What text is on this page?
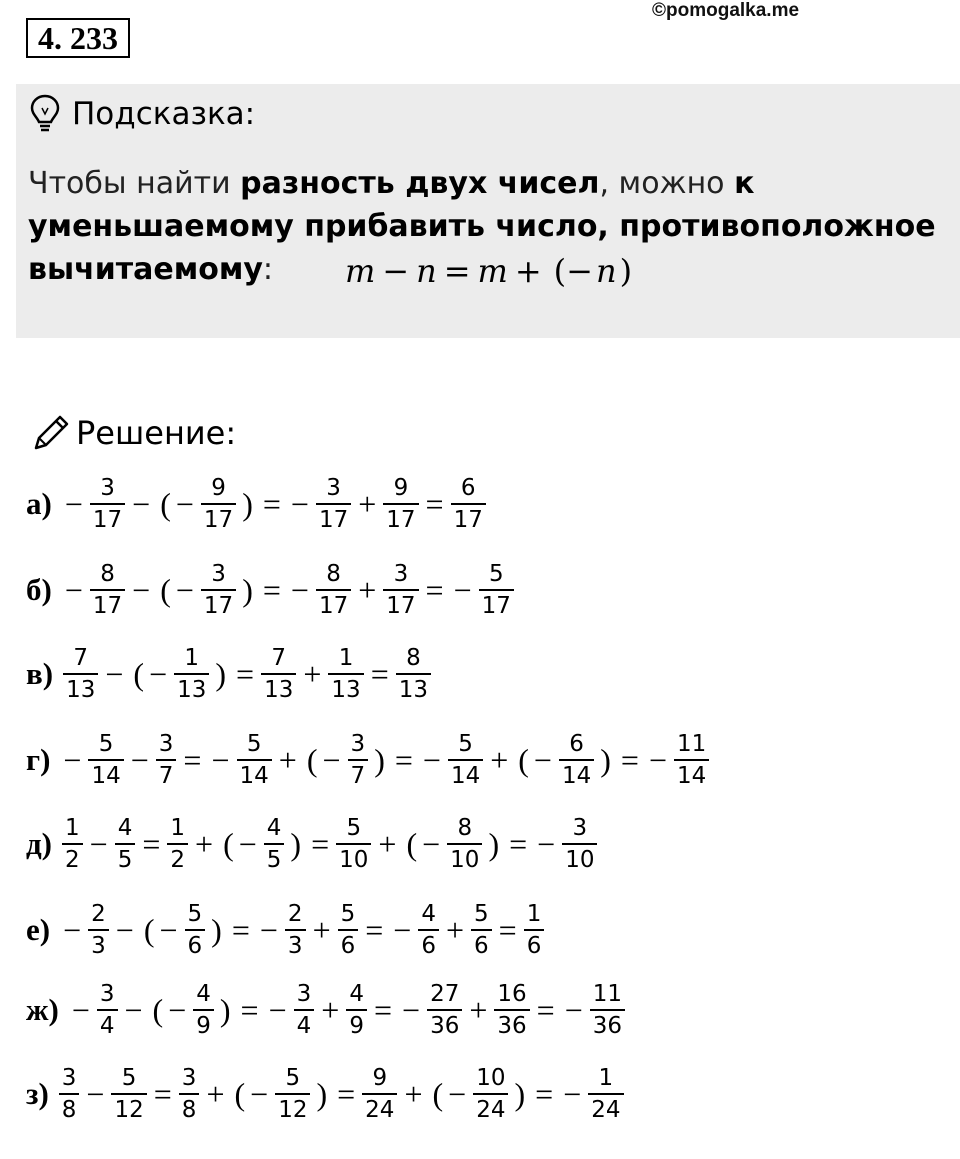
4. 233
©pomogalka.me
Подсказка:
Чтобы найти разность двух чисел, можно к уменьшаемому прибавить число, противоположное вычитаемому:	m − n = m + (−n)
Решение:
$а) - \frac{3}{17}$ − ( − $\frac{9}{17}$ ) = − $\frac{3}{17} + \frac{9}{17} = \frac{6}{17}$
$б) - \frac{8}{17}$ − ( − $\frac{3}{17}$ ) = − $\frac{8}{17} + \frac{3}{17}$ = − $\frac{5}{17}$
$в) \frac{7}{13}$ − ( − $\frac{1}{13}$ ) = $\frac{7}{13} + \frac{1}{13} = \frac{8}{13}$
$г) - \frac{5}{14} - \frac{3}{7}$ = − $\frac{5}{14}$ + ( − $\frac{3}{7}$ ) = − $\frac{5}{14}$ + ( − $\frac{6}{14}$ ) = − $\frac{11}{14}$
$д) \frac{1}{2} - \frac{4}{5} = \frac{1}{2}$ + ( − $\frac{4}{5}$ ) = $\frac{5}{10}$ + ( − $\frac{8}{10}$ ) = − $\frac{3}{10}$
$е) - \frac{2}{3}$ − ( − $\frac{5}{6}$ ) = − $\frac{2}{3} + \frac{5}{6}$ = − $\frac{4}{6} + \frac{5}{6} = \frac{1}{6}$
$ж) - \frac{3}{4}$ − ( − $\frac{4}{9}$ ) = − $\frac{3}{4} + \frac{4}{9}$ = − $\frac{27}{36} + \frac{16}{36}$ = − $\frac{11}{36}$
$з) \frac{3}{8} - \frac{5}{12} = \frac{3}{8}$ + ( − $\frac{5}{12}$ ) = $\frac{9}{24}$ + ( − $\frac{10}{24}$ ) = − $\frac{1}{24}$
